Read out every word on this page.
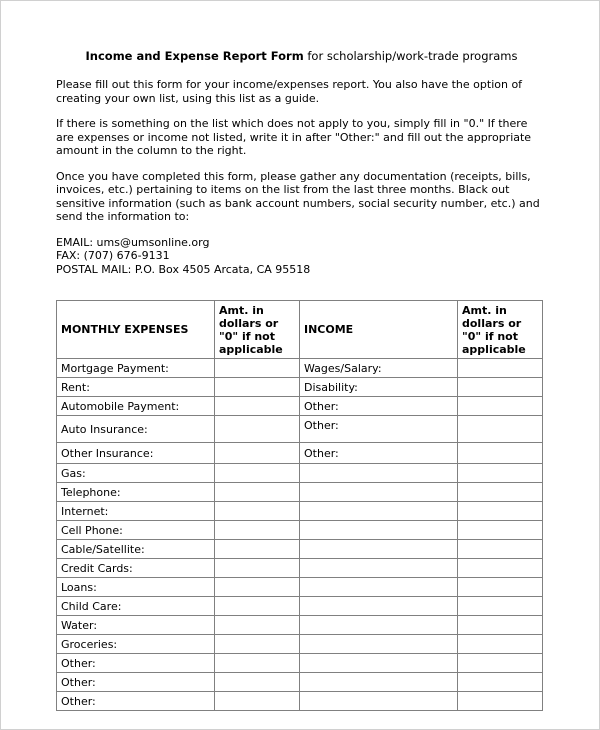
Income and Expense Report Form for scholarship/work-trade programs

Please fill out this form for your income/expenses report. You also have the option of creating your own list, using this list as a guide.

If there is something on the list which does not apply to you, simply fill in "0." If there are expenses or income not listed, write it in after "Other:" and fill out the appropriate amount in the column to the right.

Once you have completed this form, please gather any documentation (receipts, bills, invoices, etc.) pertaining to items on the list from the last three months. Black out sensitive information (such as bank account numbers, social security number, etc.) and send the information to:

EMAIL: ums@umsonline.org
FAX: (707) 676-9131
POSTAL MAIL: P.O. Box 4505 Arcata, CA 95518
MONTHLY EXPENSES	Amt. in dollars or "0" if not applicable	INCOME	Amt. in dollars or "0" if not applicable
Mortgage Payment:		Wages/Salary:	
Rent:		Disability:	
Automobile Payment:		Other:	
Auto Insurance:		Other:	
Other Insurance:		Other:	
Gas:			
Telephone:			
Internet:			
Cell Phone:			
Cable/Satellite:			
Credit Cards:			
Loans:			
Child Care:			
Water:			
Groceries:			
Other:			
Other:			
Other:			
